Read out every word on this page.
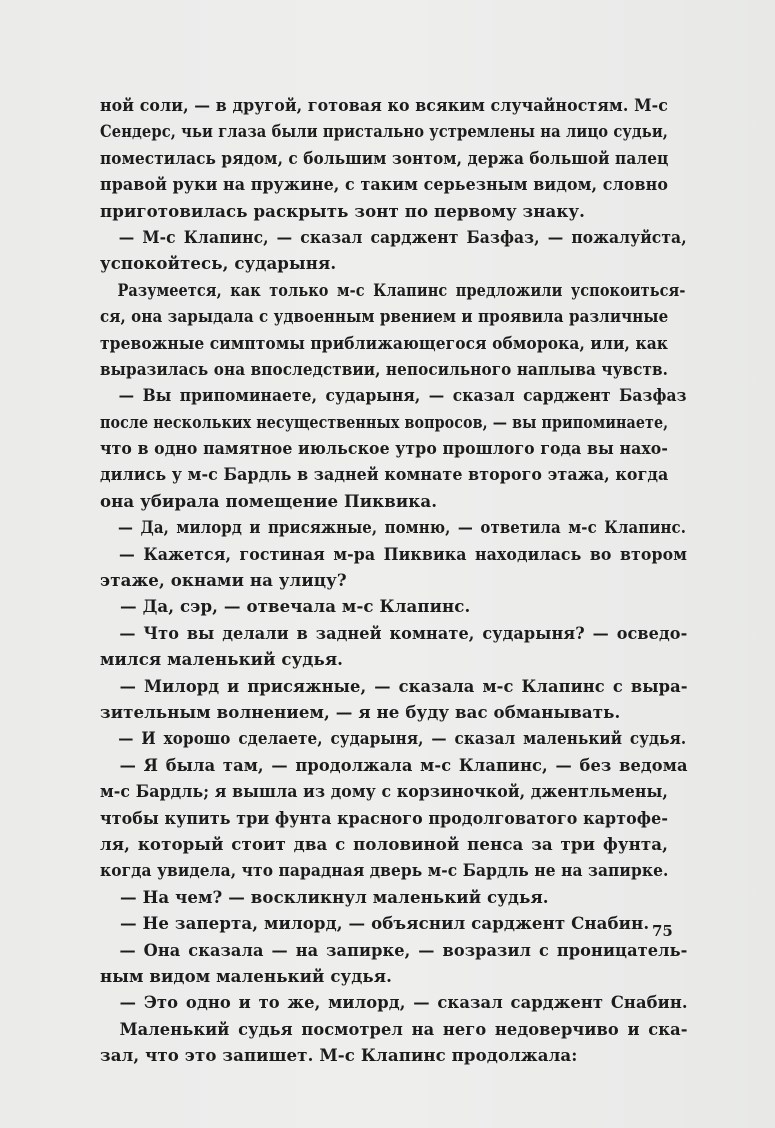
ной соли, — в другой, готовая ко всяким случайностям. М-с
Сендерс, чьи глаза были пристально устремлены на лицо судьи,
поместилась рядом, с большим зонтом, держа большой палец
правой руки на пружине, с таким серьезным видом, словно
приготовилась раскрыть зонт по первому знаку.
— М-с Клапинс, — сказал сарджент Базфаз, — пожалуйста,
успокойтесь, сударыня.
Разумеется, как только м-с Клапинс предложили успокоиться-
ся, она зарыдала с удвоенным рвением и проявила различные
тревожные симптомы приближающегося обморока, или, как
выразилась она впоследствии, непосильного наплыва чувств.
— Вы припоминаете, сударыня, — сказал сарджент Базфаз
после нескольких несущественных вопросов, — вы припоминаете,
что в одно памятное июльское утро прошлого года вы нахо-
дились у м-с Бардль в задней комнате второго этажа, когда
она убирала помещение Пиквика.
— Да, милорд и присяжные, помню, — ответила м-с Клапинс.
— Кажется, гостиная м-ра Пиквика находилась во втором
этаже, окнами на улицу?
— Да, сэр, — отвечала м-с Клапинс.
— Что вы делали в задней комнате, сударыня? — осведо-
мился маленький судья.
— Милорд и присяжные, — сказала м-с Клапинс с выра-
зительным волнением, — я не буду вас обманывать.
— И хорошо сделаете, сударыня, — сказал маленький судья.
— Я была там, — продолжала м-с Клапинс, — без ведома
м-с Бардль; я вышла из дому с корзиночкой, джентльмены,
чтобы купить три фунта красного продолговатого картофе-
ля, который стоит два с половиной пенса за три фунта,
когда увидела, что парадная дверь м-с Бардль не на запирке.
— На чем? — воскликнул маленький судья.
— Не заперта, милорд, — объяснил сарджент Снабин.
— Она сказала — на запирке, — возразил с проницатель-
ным видом маленький судья.
— Это одно и то же, милорд, — сказал сарджент Снабин.
Маленький судья посмотрел на него недоверчиво и ска-
зал, что это запишет. М-с Клапинс продолжала:
75
